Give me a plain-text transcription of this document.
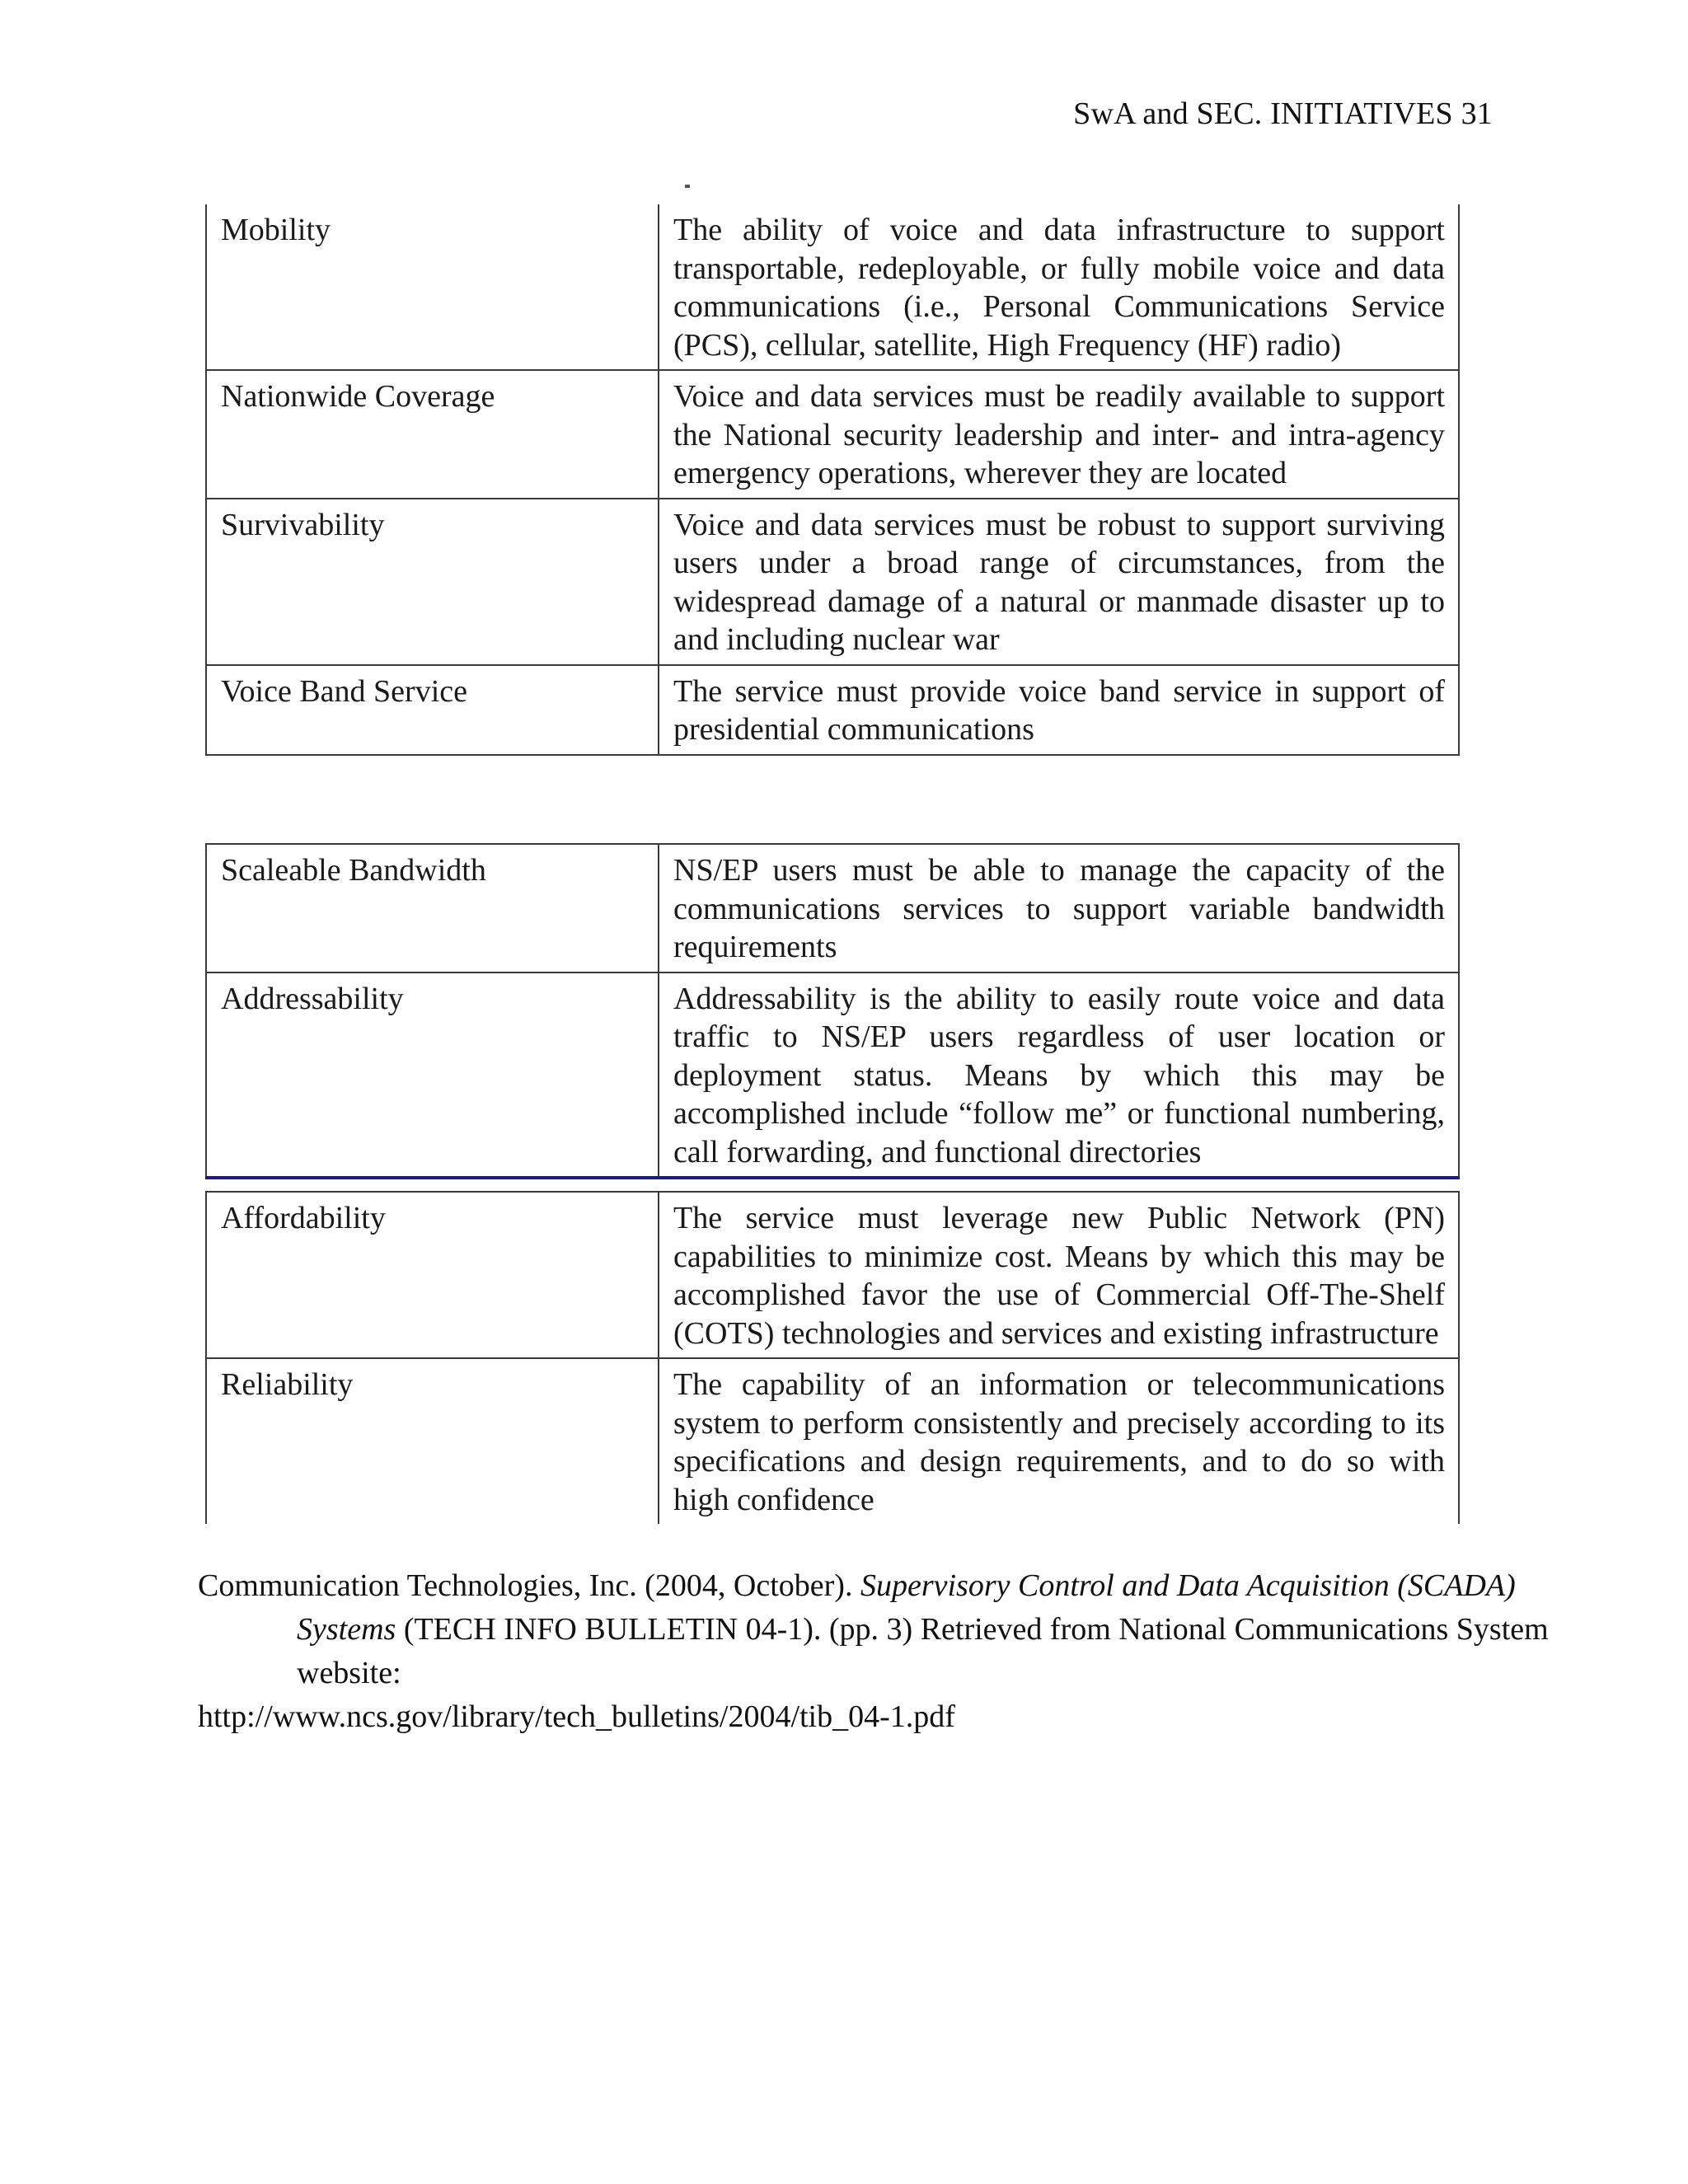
SwA and SEC. INITIATIVES 31
Mobility	The ability of voice and data infrastructure to support transportable, redeployable, or fully mobile voice and data communications (i.e., Personal Communications Service (PCS), cellular, satellite, High Frequency (HF) radio)
Nationwide Coverage	Voice and data services must be readily available to support the National security leadership and inter- and intra-agency emergency operations, wherever they are located
Survivability	Voice and data services must be robust to support surviving users under a broad range of circumstances, from the widespread damage of a natural or manmade disaster up to and including nuclear war
Voice Band Service	The service must provide voice band service in support of presidential communications
Scaleable Bandwidth	NS/EP users must be able to manage the capacity of the communications services to support variable bandwidth requirements
Addressability	Addressability is the ability to easily route voice and data traffic to NS/EP users regardless of user location or deployment status. Means by which this may be accomplished include “follow me” or functional numbering, call forwarding, and functional directories
Affordability	The service must leverage new Public Network (PN) capabilities to minimize cost. Means by which this may be accomplished favor the use of Commercial Off-The-Shelf (COTS) technologies and services and existing infrastructure
Reliability	The capability of an information or telecommunications system to perform consistently and precisely according to its specifications and design requirements, and to do so with high confidence
Communication Technologies, Inc. (2004, October). Supervisory Control and Data Acquisition (SCADA) Systems (TECH INFO BULLETIN 04-1). (pp. 3) Retrieved from National Communications System website:
http://www.ncs.gov/library/tech_bulletins/2004/tib_04-1.pdf
